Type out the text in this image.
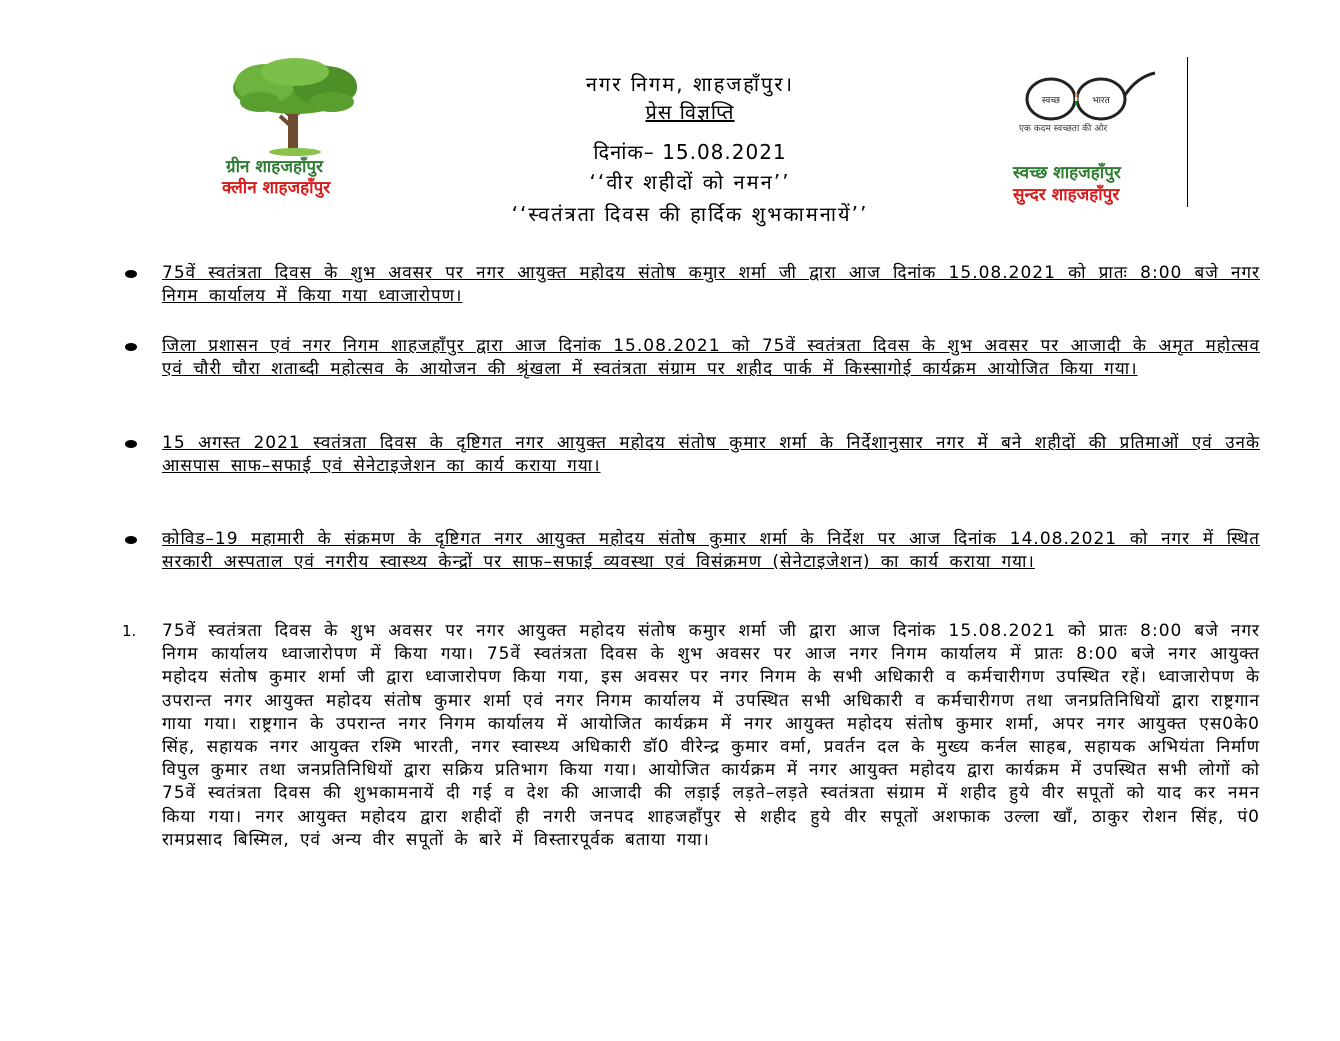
ग्रीन शाहजहाँपुर
क्लीन शाहजहाँपुर
नगर निगम, शाहजहाँपुर।
प्रेस विज्ञप्ति
दिनांक– 15.08.2021
‘‘वीर शहीदों को नमन’’
‘‘स्वतंत्रता दिवस की हार्दिक शुभकामनायें’’
स्वच्छ	भारत
एक कदम स्वच्छता की ओर
स्वच्छ शाहजहाँपुर
सुन्दर शाहजहाँपुर
75वें स्वतंत्रता दिवस के शुभ अवसर पर नगर आयुक्त महोदय संतोष कमुार शर्मा जी द्वारा आज दिनांक 15.08.2021 को प्रातः 8:00 बजे नगर निगम कार्यालय में किया गया ध्वाजारोपण।
जिला प्रशासन एवं नगर निगम शाहजहाँपुर द्वारा आज दिनांक 15.08.2021 को 75वें स्वतंत्रता दिवस के शुभ अवसर पर आजादी के अमृत महोत्सव एवं चौरी चौरा शताब्दी महोत्सव के आयोजन की श्रृंखला में स्वतंत्रता संग्राम पर शहीद पार्क में किस्सागोई कार्यक्रम आयोजित किया गया।
15 अगस्त 2021 स्वतंत्रता दिवस के दृष्टिगत नगर आयुक्त महोदय संतोष कुमार शर्मा के निर्देशानुसार नगर में बने शहीदों की प्रतिमाओं एवं उनके आसपास साफ–सफाई एवं सेनेटाइजेशन का कार्य कराया गया।
कोविड–19 महामारी के संक्रमण के दृष्टिगत नगर आयुक्त महोदय संतोष कुमार शर्मा के निर्देश पर आज दिनांक 14.08.2021 को नगर में स्थित सरकारी अस्पताल एवं नगरीय स्वास्थ्य केन्द्रों पर साफ–सफाई व्यवस्था एवं विसंक्रमण (सेनेटाइजेशन) का कार्य कराया गया।
1. 75वें स्वतंत्रता दिवस के शुभ अवसर पर नगर आयुक्त महोदय संतोष कमुार शर्मा जी द्वारा आज दिनांक 15.08.2021 को प्रातः 8:00 बजे नगर निगम कार्यालय ध्वाजारोपण में किया गया। 75वें स्वतंत्रता दिवस के शुभ अवसर पर आज नगर निगम कार्यालय में प्रातः 8:00 बजे नगर आयुक्त महोदय संतोष कुमार शर्मा जी द्वारा ध्वाजारोपण किया गया, इस अवसर पर नगर निगम के सभी अधिकारी व कर्मचारीगण उपस्थित रहें। ध्वाजारोपण के उपरान्त नगर आयुक्त महोदय संतोष कुमार शर्मा एवं नगर निगम कार्यालय में उपस्थित सभी अधिकारी व कर्मचारीगण तथा जनप्रतिनिधियों द्वारा राष्ट्रगान गाया गया। राष्ट्रगान के उपरान्त नगर निगम कार्यालय में आयोजित कार्यक्रम में नगर आयुक्त महोदय संतोष कुमार शर्मा, अपर नगर आयुक्त एस0के0 सिंह, सहायक नगर आयुक्त रश्मि भारती, नगर स्वास्थ्य अधिकारी डॉ0 वीरेन्द्र कुमार वर्मा, प्रवर्तन दल के मुख्य कर्नल साहब, सहायक अभियंता निर्माण विपुल कुमार तथा जनप्रतिनिधियों द्वारा सक्रिय प्रतिभाग किया गया। आयोजित कार्यक्रम में नगर आयुक्त महोदय द्वारा कार्यक्रम में उपस्थित सभी लोगों को 75वें स्वतंत्रता दिवस की शुभकामनायें दी गई व देश की आजादी की लड़ाई लड़ते–लड़ते स्वतंत्रता संग्राम में शहीद हुये वीर सपूतों को याद कर नमन किया गया। नगर आयुक्त महोदय द्वारा शहीदों ही नगरी जनपद शाहजहाँपुर से शहीद हुये वीर सपूतों अशफाक उल्ला खाँ, ठाकुर रोशन सिंह, पं0 रामप्रसाद बिस्मिल, एवं अन्य वीर सपूतों के बारे में विस्तारपूर्वक बताया गया।
